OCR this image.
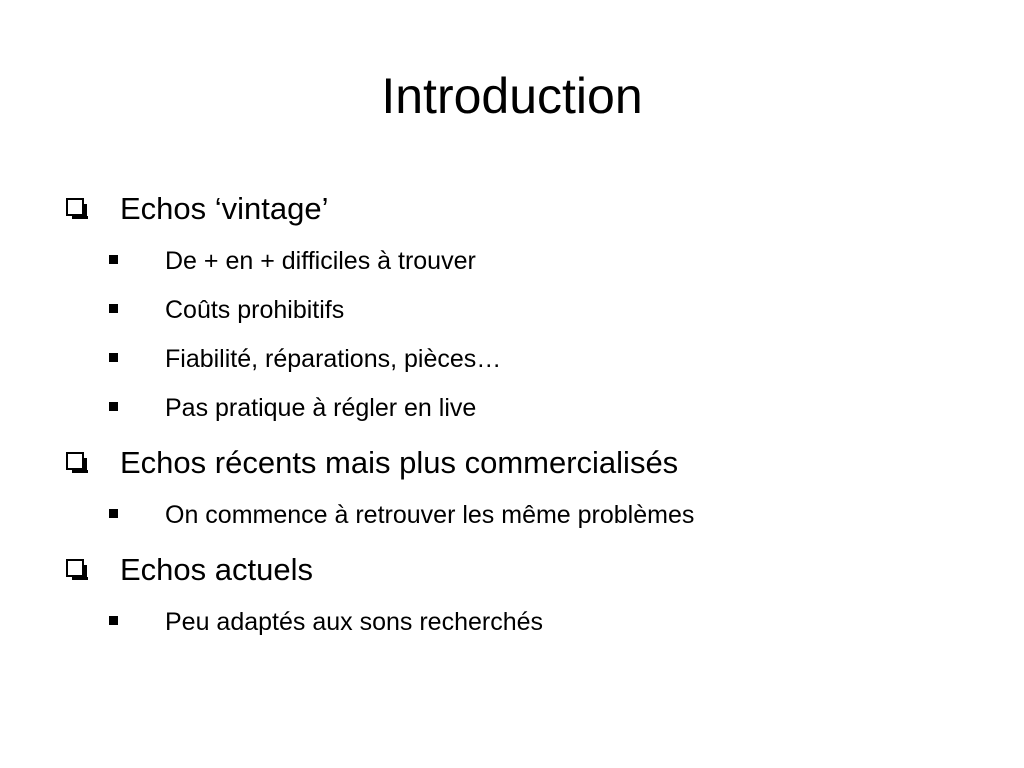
Introduction
Echos ‘vintage’
De + en + difficiles à trouver
Coûts prohibitifs
Fiabilité, réparations, pièces…
Pas pratique à régler en live
Echos récents mais plus commercialisés
On commence à retrouver les même problèmes
Echos actuels
Peu adaptés aux sons recherchés
